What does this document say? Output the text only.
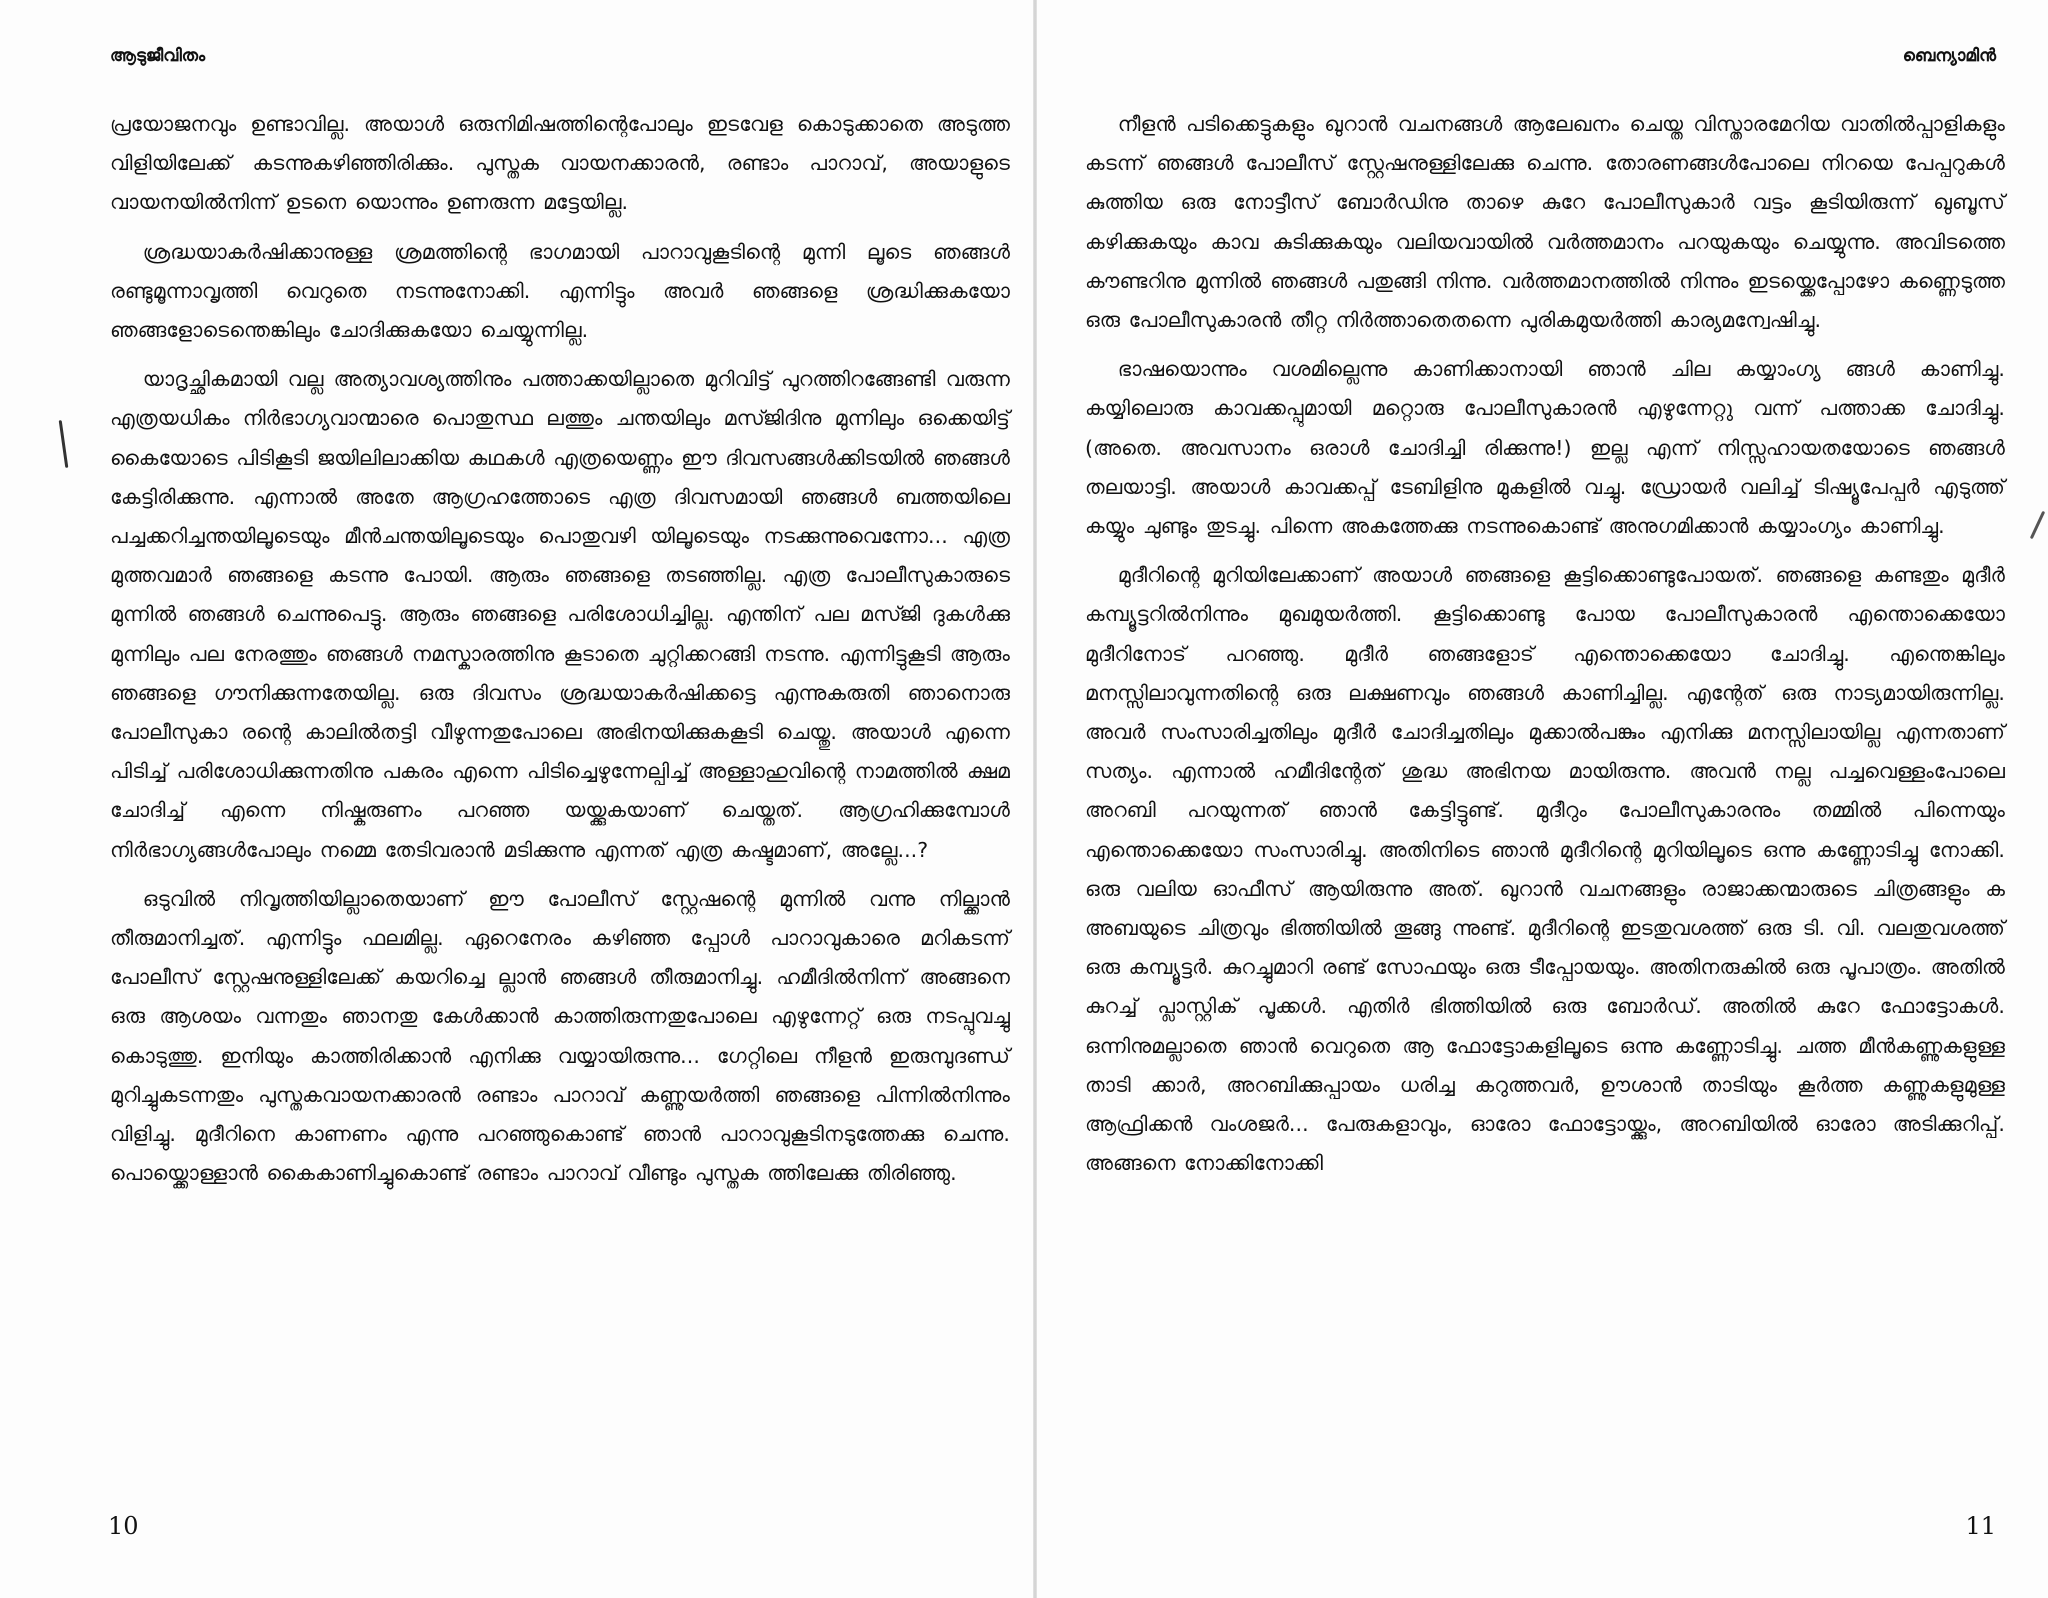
ആടുജീവിതം

പ്രയോജനവും ഉണ്ടാവില്ല. അയാൾ ഒരുനിമിഷത്തിന്റെപോലും ഇടവേള കൊടുക്കാതെ അടുത്ത വിളിയിലേക്ക് കടന്നുകഴിഞ്ഞിരിക്കും. പുസ്തക വായനക്കാരൻ, രണ്ടാം പാറാവ്, അയാളുടെ വായനയിൽനിന്ന് ഉടനെ യൊന്നും ഉണരുന്ന മട്ടേയില്ല.

ശ്രദ്ധയാകർഷിക്കാനുള്ള ശ്രമത്തിന്റെ ഭാഗമായി പാറാവുകൂടിന്റെ മുന്നി ലൂടെ ഞങ്ങൾ രണ്ടുമൂന്നാവൃത്തി വെറുതെ നടന്നുനോക്കി. എന്നിട്ടും അവർ ഞങ്ങളെ ശ്രദ്ധിക്കുകയോ ഞങ്ങളോടെന്തെങ്കിലും ചോദിക്കുകയോ ചെയ്യുന്നില്ല.

യാദൃച്ഛികമായി വല്ല അത്യാവശ്യത്തിനും പത്താക്കയില്ലാതെ മുറിവിട്ട് പുറത്തിറങ്ങേണ്ടി വരുന്ന എത്രയധികം നിർഭാഗ്യവാന്മാരെ പൊതുസ്ഥ ലത്തും ചന്തയിലും മസ്ജിദിനു മുന്നിലും ഒക്കെയിട്ട് കൈയോടെ പിടികൂടി ജയിലിലാക്കിയ കഥകൾ എത്രയെണ്ണം ഈ ദിവസങ്ങൾക്കിടയിൽ ഞങ്ങൾ കേട്ടിരിക്കുന്നു. എന്നാൽ അതേ ആഗ്രഹത്തോടെ എത്ര ദിവസമായി ഞങ്ങൾ ബത്തയിലെ പച്ചക്കറിച്ചന്തയിലൂടെയും മീൻചന്തയിലൂടെയും പൊതുവഴി യിലൂടെയും നടക്കുന്നുവെന്നോ... എത്ര മുത്തവമാർ ഞങ്ങളെ കടന്നു പോയി. ആരും ഞങ്ങളെ തടഞ്ഞില്ല. എത്ര പോലീസുകാരുടെ മുന്നിൽ ഞങ്ങൾ ചെന്നുപെട്ടു. ആരും ഞങ്ങളെ പരിശോധിച്ചില്ല. എന്തിന് പല മസ്ജി ദുകൾക്കു മുന്നിലും പല നേരത്തും ഞങ്ങൾ നമസ്കാരത്തിനു കൂടാതെ ചുറ്റിക്കറങ്ങി നടന്നു. എന്നിട്ടുകൂടി ആരും ഞങ്ങളെ ഗൗനിക്കുന്നതേയില്ല. ഒരു ദിവസം ശ്രദ്ധയാകർഷിക്കട്ടെ എന്നുകരുതി ഞാനൊരു പോലീസുകാ രന്റെ കാലിൽതട്ടി വീഴുന്നതുപോലെ അഭിനയിക്കുകകൂടി ചെയ്തു. അയാൾ എന്നെ പിടിച്ച് പരിശോധിക്കുന്നതിനു പകരം എന്നെ പിടിച്ചെഴുന്നേല്പിച്ച് അള്ളാഹുവിന്റെ നാമത്തിൽ ക്ഷമ ചോദിച്ച് എന്നെ നിഷ്കരുണം പറഞ്ഞ യയ്ക്കുകയാണ് ചെയ്തത്. ആഗ്രഹിക്കുമ്പോൾ നിർഭാഗ്യങ്ങൾപോലും നമ്മെ തേടിവരാൻ മടിക്കുന്നു എന്നത് എത്ര കഷ്ടമാണ്, അല്ലേ...?

ഒടുവിൽ നിവൃത്തിയില്ലാതെയാണ് ഈ പോലീസ് സ്റ്റേഷന്റെ മുന്നിൽ വന്നു നില്ക്കാൻ തീരുമാനിച്ചത്. എന്നിട്ടും ഫലമില്ല. ഏറെനേരം കഴിഞ്ഞ പ്പോൾ പാറാവുകാരെ മറികടന്ന് പോലീസ് സ്റ്റേഷനുള്ളിലേക്ക് കയറിച്ചെ ല്ലാൻ ഞങ്ങൾ തീരുമാനിച്ചു. ഹമീദിൽനിന്ന് അങ്ങനെ ഒരു ആശയം വന്നതും ഞാനതു കേൾക്കാൻ കാത്തിരുന്നതുപോലെ എഴുന്നേറ്റ് ഒരു നടപ്പുവച്ചു കൊടുത്തു. ഇനിയും കാത്തിരിക്കാൻ എനിക്കു വയ്യായിരുന്നു... ഗേറ്റിലെ നീളൻ ഇരുമ്പുദണ്ഡ് മുറിച്ചുകടന്നതും പുസ്തകവായനക്കാരൻ രണ്ടാം പാറാവ് കണ്ണുയർത്തി ഞങ്ങളെ പിന്നിൽനിന്നും വിളിച്ചു. മുദീറിനെ കാണണം എന്നു പറഞ്ഞുകൊണ്ട് ഞാൻ പാറാവുകൂടിനടുത്തേക്കു ചെന്നു. പൊയ്ക്കൊള്ളാൻ കൈകാണിച്ചുകൊണ്ട് രണ്ടാം പാറാവ് വീണ്ടും പുസ്തക ത്തിലേക്കു തിരിഞ്ഞു.

10
ബെന്യാമിൻ

നീളൻ പടിക്കെട്ടുകളും ഖുറാൻ വചനങ്ങൾ ആലേഖനം ചെയ്ത വിസ്താരമേറിയ വാതിൽപ്പാളികളും കടന്ന് ഞങ്ങൾ പോലീസ് സ്റ്റേഷനുള്ളിലേക്കു ചെന്നു. തോരണങ്ങൾപോലെ നിറയെ പേപ്പറുകൾ കുത്തിയ ഒരു നോട്ടീസ് ബോർഡിനു താഴെ കുറേ പോലീസുകാർ വട്ടം കൂടിയിരുന്ന് ഖുബൂസ് കഴിക്കുകയും കാവ കുടിക്കുകയും വലിയവായിൽ വർത്തമാനം പറയുകയും ചെയ്യുന്നു. അവിടത്തെ കൗണ്ടറിനു മുന്നിൽ ഞങ്ങൾ പതുങ്ങി നിന്നു. വർത്തമാനത്തിൽ നിന്നും ഇടയ്ക്കെപ്പോഴോ കണ്ണെടുത്ത ഒരു പോലീസുകാരൻ തീറ്റ നിർത്താതെതന്നെ പുരികമുയർത്തി കാര്യമന്വേഷിച്ചു.

ഭാഷയൊന്നും വശമില്ലെന്നു കാണിക്കാനായി ഞാൻ ചില കയ്യാംഗ്യ ങ്ങൾ കാണിച്ചു. കയ്യിലൊരു കാവക്കപ്പുമായി മറ്റൊരു പോലീസുകാരൻ എഴുന്നേറ്റു വന്ന് പത്താക്ക ചോദിച്ചു. (അതെ. അവസാനം ഒരാൾ ചോദിച്ചി രിക്കുന്നു!) ഇല്ല എന്ന് നിസ്സഹായതയോടെ ഞങ്ങൾ തലയാട്ടി. അയാൾ കാവക്കപ്പ് ടേബിളിനു മുകളിൽ വച്ചു. ഡ്രോയർ വലിച്ച് ടിഷ്യൂപേപ്പർ എടുത്ത് കയ്യും ചുണ്ടും തുടച്ചു. പിന്നെ അകത്തേക്കു നടന്നുകൊണ്ട് അനുഗമിക്കാൻ കയ്യാംഗ്യം കാണിച്ചു.

മുദീറിന്റെ മുറിയിലേക്കാണ് അയാൾ ഞങ്ങളെ കൂട്ടിക്കൊണ്ടുപോയത്. ഞങ്ങളെ കണ്ടതും മുദീർ കമ്പ്യൂട്ടറിൽനിന്നും മുഖമുയർത്തി. കൂട്ടിക്കൊണ്ടു പോയ പോലീസുകാരൻ എന്തൊക്കെയോ മുദീറിനോട് പറഞ്ഞു. മുദീർ ഞങ്ങളോട് എന്തൊക്കെയോ ചോദിച്ചു. എന്തെങ്കിലും മനസ്സിലാവുന്നതിന്റെ ഒരു ലക്ഷണവും ഞങ്ങൾ കാണിച്ചില്ല. എന്റേത് ഒരു നാട്യമായിരുന്നില്ല. അവർ സംസാരിച്ചതിലും മുദീർ ചോദിച്ചതിലും മുക്കാൽപങ്കും എനിക്കു മനസ്സിലായില്ല എന്നതാണ് സത്യം. എന്നാൽ ഹമീദിന്റേത് ശുദ്ധ അഭിനയ മായിരുന്നു. അവൻ നല്ല പച്ചവെള്ളംപോലെ അറബി പറയുന്നത് ഞാൻ കേട്ടിട്ടുണ്ട്. മുദീറും പോലീസുകാരനും തമ്മിൽ പിന്നെയും എന്തൊക്കെയോ സംസാരിച്ചു. അതിനിടെ ഞാൻ മുദീറിന്റെ മുറിയിലൂടെ ഒന്നു കണ്ണോടിച്ചു നോക്കി. ഒരു വലിയ ഓഫീസ് ആയിരുന്നു അത്. ഖുറാൻ വചനങ്ങളും രാജാക്കന്മാരുടെ ചിത്രങ്ങളും ക അബയുടെ ചിത്രവും ഭിത്തിയിൽ തൂങ്ങു ന്നുണ്ട്. മുദീറിന്റെ ഇടതുവശത്ത് ഒരു ടി. വി. വലതുവശത്ത് ഒരു കമ്പ്യൂട്ടർ. കുറച്ചുമാറി രണ്ട് സോഫയും ഒരു ടീപ്പോയയും. അതിനരുകിൽ ഒരു പൂപാത്രം. അതിൽ കുറച്ച് പ്ലാസ്റ്റിക് പൂക്കൾ. എതിർ ഭിത്തിയിൽ ഒരു ബോർഡ്. അതിൽ കുറേ ഫോട്ടോകൾ. ഒന്നിനുമല്ലാതെ ഞാൻ വെറുതെ ആ ഫോട്ടോകളിലൂടെ ഒന്നു കണ്ണോടിച്ചു. ചത്ത മീൻകണ്ണുകളുള്ള താടി ക്കാർ, അറബിക്കുപ്പായം ധരിച്ച കറുത്തവർ, ഊശാൻ താടിയും കൂർത്ത കണ്ണുകളുമുള്ള ആഫ്രിക്കൻ വംശജർ... പേരുകളാവും, ഓരോ ഫോട്ടോയ്ക്കും, അറബിയിൽ ഓരോ അടിക്കുറിപ്പ്. അങ്ങനെ നോക്കിനോക്കി

11
